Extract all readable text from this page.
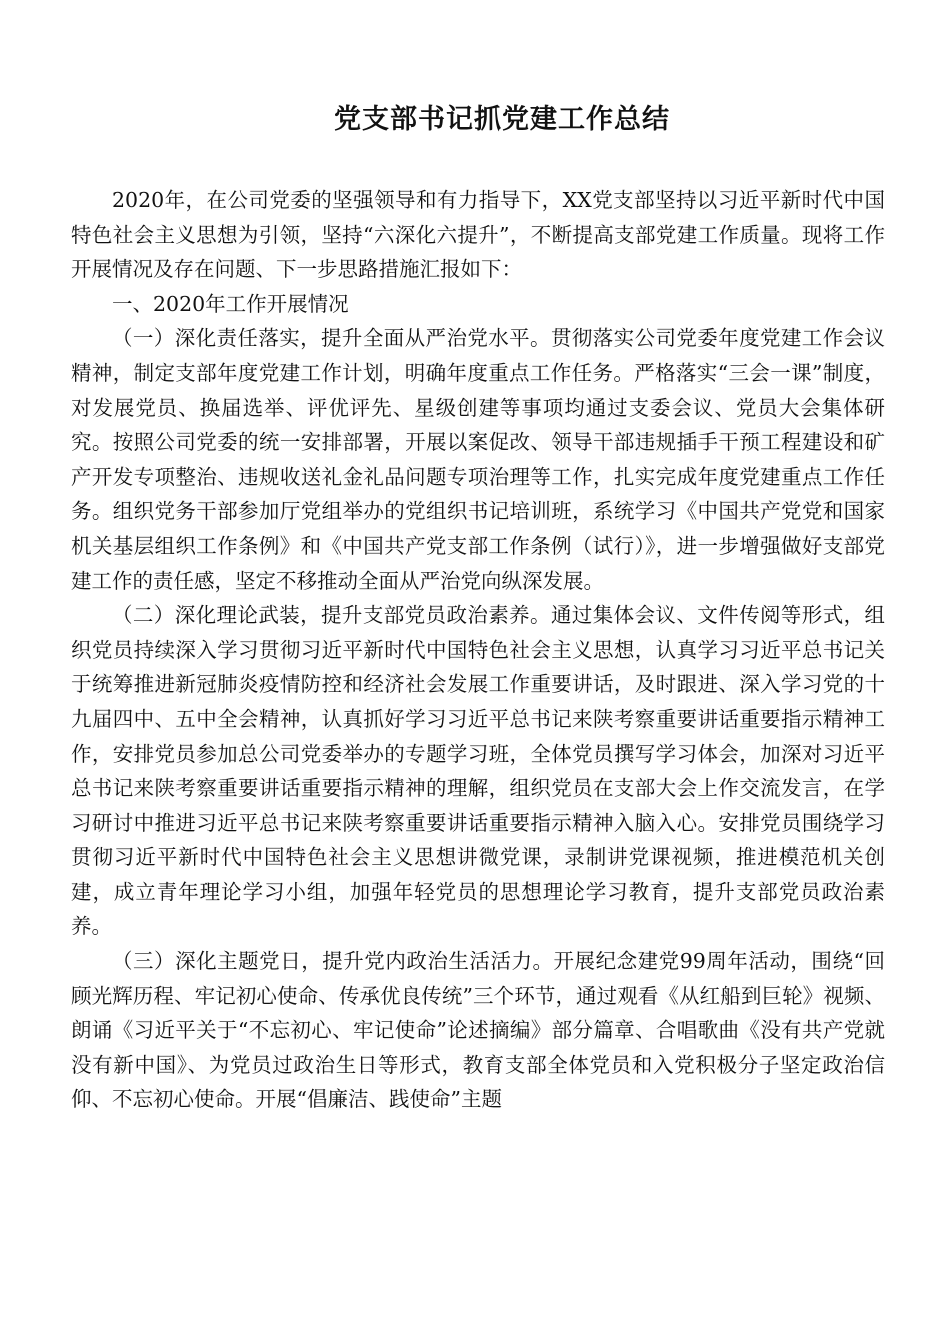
党支部书记抓党建工作总结

2020年，在公司党委的坚强领导和有力指导下，XX党支部坚持以习近平新时代中国特色社会主义思想为引领，坚持“六深化六提升”，不断提高支部党建工作质量。现将工作开展情况及存在问题、下一步思路措施汇报如下：

一、2020年工作开展情况

（一）深化责任落实，提升全面从严治党水平。贯彻落实公司党委年度党建工作会议精神，制定支部年度党建工作计划，明确年度重点工作任务。严格落实“三会一课”制度，对发展党员、换届选举、评优评先、星级创建等事项均通过支委会议、党员大会集体研究。按照公司党委的统一安排部署，开展以案促改、领导干部违规插手干预工程建设和矿产开发专项整治、违规收送礼金礼品问题专项治理等工作，扎实完成年度党建重点工作任务。组织党务干部参加厅党组举办的党组织书记培训班，系统学习《中国共产党党和国家机关基层组织工作条例》和《中国共产党支部工作条例（试行）》，进一步增强做好支部党建工作的责任感，坚定不移推动全面从严治党向纵深发展。

（二）深化理论武装，提升支部党员政治素养。通过集体会议、文件传阅等形式，组织党员持续深入学习贯彻习近平新时代中国特色社会主义思想，认真学习习近平总书记关于统筹推进新冠肺炎疫情防控和经济社会发展工作重要讲话，及时跟进、深入学习党的十九届四中、五中全会精神，认真抓好学习习近平总书记来陕考察重要讲话重要指示精神工作，安排党员参加总公司党委举办的专题学习班，全体党员撰写学习体会，加深对习近平总书记来陕考察重要讲话重要指示精神的理解，组织党员在支部大会上作交流发言，在学习研讨中推进习近平总书记来陕考察重要讲话重要指示精神入脑入心。安排党员围绕学习贯彻习近平新时代中国特色社会主义思想讲微党课，录制讲党课视频，推进模范机关创建，成立青年理论学习小组，加强年轻党员的思想理论学习教育，提升支部党员政治素养。

（三）深化主题党日，提升党内政治生活活力。开展纪念建党99周年活动，围绕“回顾光辉历程、牢记初心使命、传承优良传统”三个环节，通过观看《从红船到巨轮》视频、朗诵《习近平关于“不忘初心、牢记使命”论述摘编》部分篇章、合唱歌曲《没有共产党就没有新中国》、为党员过政治生日等形式，教育支部全体党员和入党积极分子坚定政治信仰、不忘初心使命。开展“倡廉洁、践使命”主题
